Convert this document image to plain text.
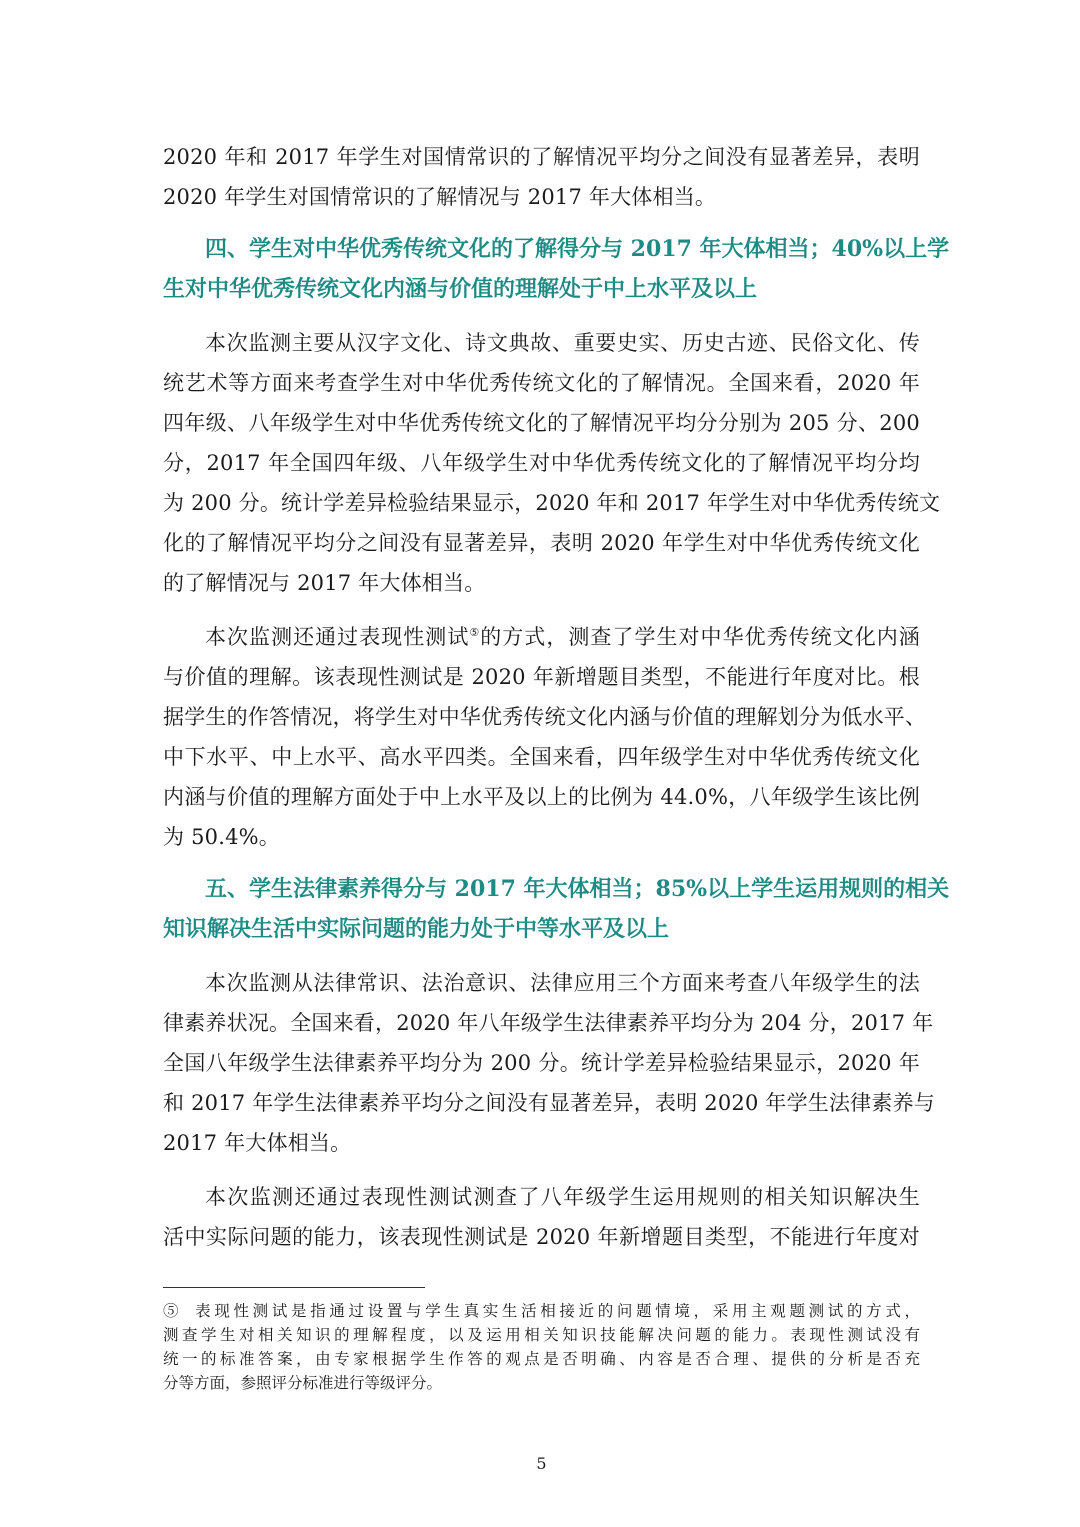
2020 年和 2017 年学生对国情常识的了解情况平均分之间没有显著差异，表明
2020 年学生对国情常识的了解情况与 2017 年大体相当。
四、学生对中华优秀传统文化的了解得分与 2017 年大体相当；40%以上学
生对中华优秀传统文化内涵与价值的理解处于中上水平及以上
本次监测主要从汉字文化、诗文典故、重要史实、历史古迹、民俗文化、传
统艺术等方面来考查学生对中华优秀传统文化的了解情况。全国来看，2020 年
四年级、八年级学生对中华优秀传统文化的了解情况平均分分别为 205 分、200
分，2017 年全国四年级、八年级学生对中华优秀传统文化的了解情况平均分均
为 200 分。统计学差异检验结果显示，2020 年和 2017 年学生对中华优秀传统文
化的了解情况平均分之间没有显著差异，表明 2020 年学生对中华优秀传统文化
的了解情况与 2017 年大体相当。
本次监测还通过表现性测试⑤的方式，测查了学生对中华优秀传统文化内涵
与价值的理解。该表现性测试是 2020 年新增题目类型，不能进行年度对比。根
据学生的作答情况，将学生对中华优秀传统文化内涵与价值的理解划分为低水平、
中下水平、中上水平、高水平四类。全国来看，四年级学生对中华优秀传统文化
内涵与价值的理解方面处于中上水平及以上的比例为 44.0%，八年级学生该比例
为 50.4%。
五、学生法律素养得分与 2017 年大体相当；85%以上学生运用规则的相关
知识解决生活中实际问题的能力处于中等水平及以上
本次监测从法律常识、法治意识、法律应用三个方面来考查八年级学生的法
律素养状况。全国来看，2020 年八年级学生法律素养平均分为 204 分，2017 年
全国八年级学生法律素养平均分为 200 分。统计学差异检验结果显示，2020 年
和 2017 年学生法律素养平均分之间没有显著差异，表明 2020 年学生法律素养与
2017 年大体相当。
本次监测还通过表现性测试测查了八年级学生运用规则的相关知识解决生
活中实际问题的能力，该表现性测试是 2020 年新增题目类型，不能进行年度对
⑤ 表现性测试是指通过设置与学生真实生活相接近的问题情境，采用主观题测试的方式，
测查学生对相关知识的理解程度，以及运用相关知识技能解决问题的能力。表现性测试没有
统一的标准答案，由专家根据学生作答的观点是否明确、内容是否合理、提供的分析是否充
分等方面，参照评分标准进行等级评分。
5
